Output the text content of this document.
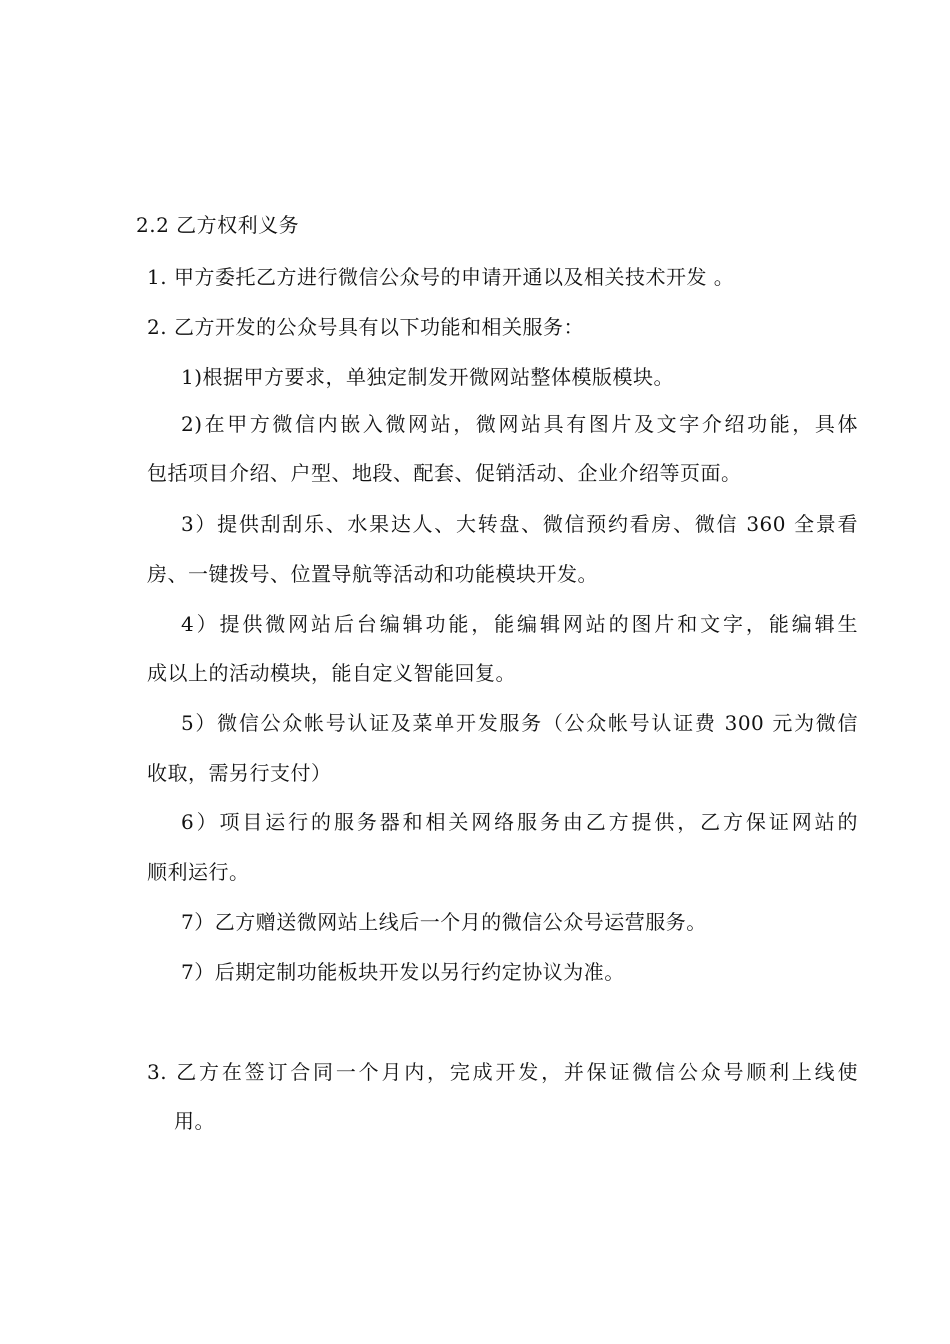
2.2 乙方权利义务
1. 甲方委托乙方进行微信公众号的申请开通以及相关技术开发 。
2. 乙方开发的公众号具有以下功能和相关服务：
1)根据甲方要求，单独定制发开微网站整体模版模块。
2)在甲方微信内嵌入微网站，微网站具有图片及文字介绍功能，具体
包括项目介绍、户型、地段、配套、促销活动、企业介绍等页面。
3）提供刮刮乐、水果达人、大转盘、微信预约看房、微信 360 全景看
房、一键拨号、位置导航等活动和功能模块开发。
4）提供微网站后台编辑功能，能编辑网站的图片和文字，能编辑生
成以上的活动模块，能自定义智能回复。
5）微信公众帐号认证及菜单开发服务（公众帐号认证费 300 元为微信
收取，需另行支付）
6）项目运行的服务器和相关网络服务由乙方提供，乙方保证网站的
顺利运行。
7）乙方赠送微网站上线后一个月的微信公众号运营服务。
7）后期定制功能板块开发以另行约定协议为准。
3. 乙方在签订合同一个月内，完成开发，并保证微信公众号顺利上线使
用。
